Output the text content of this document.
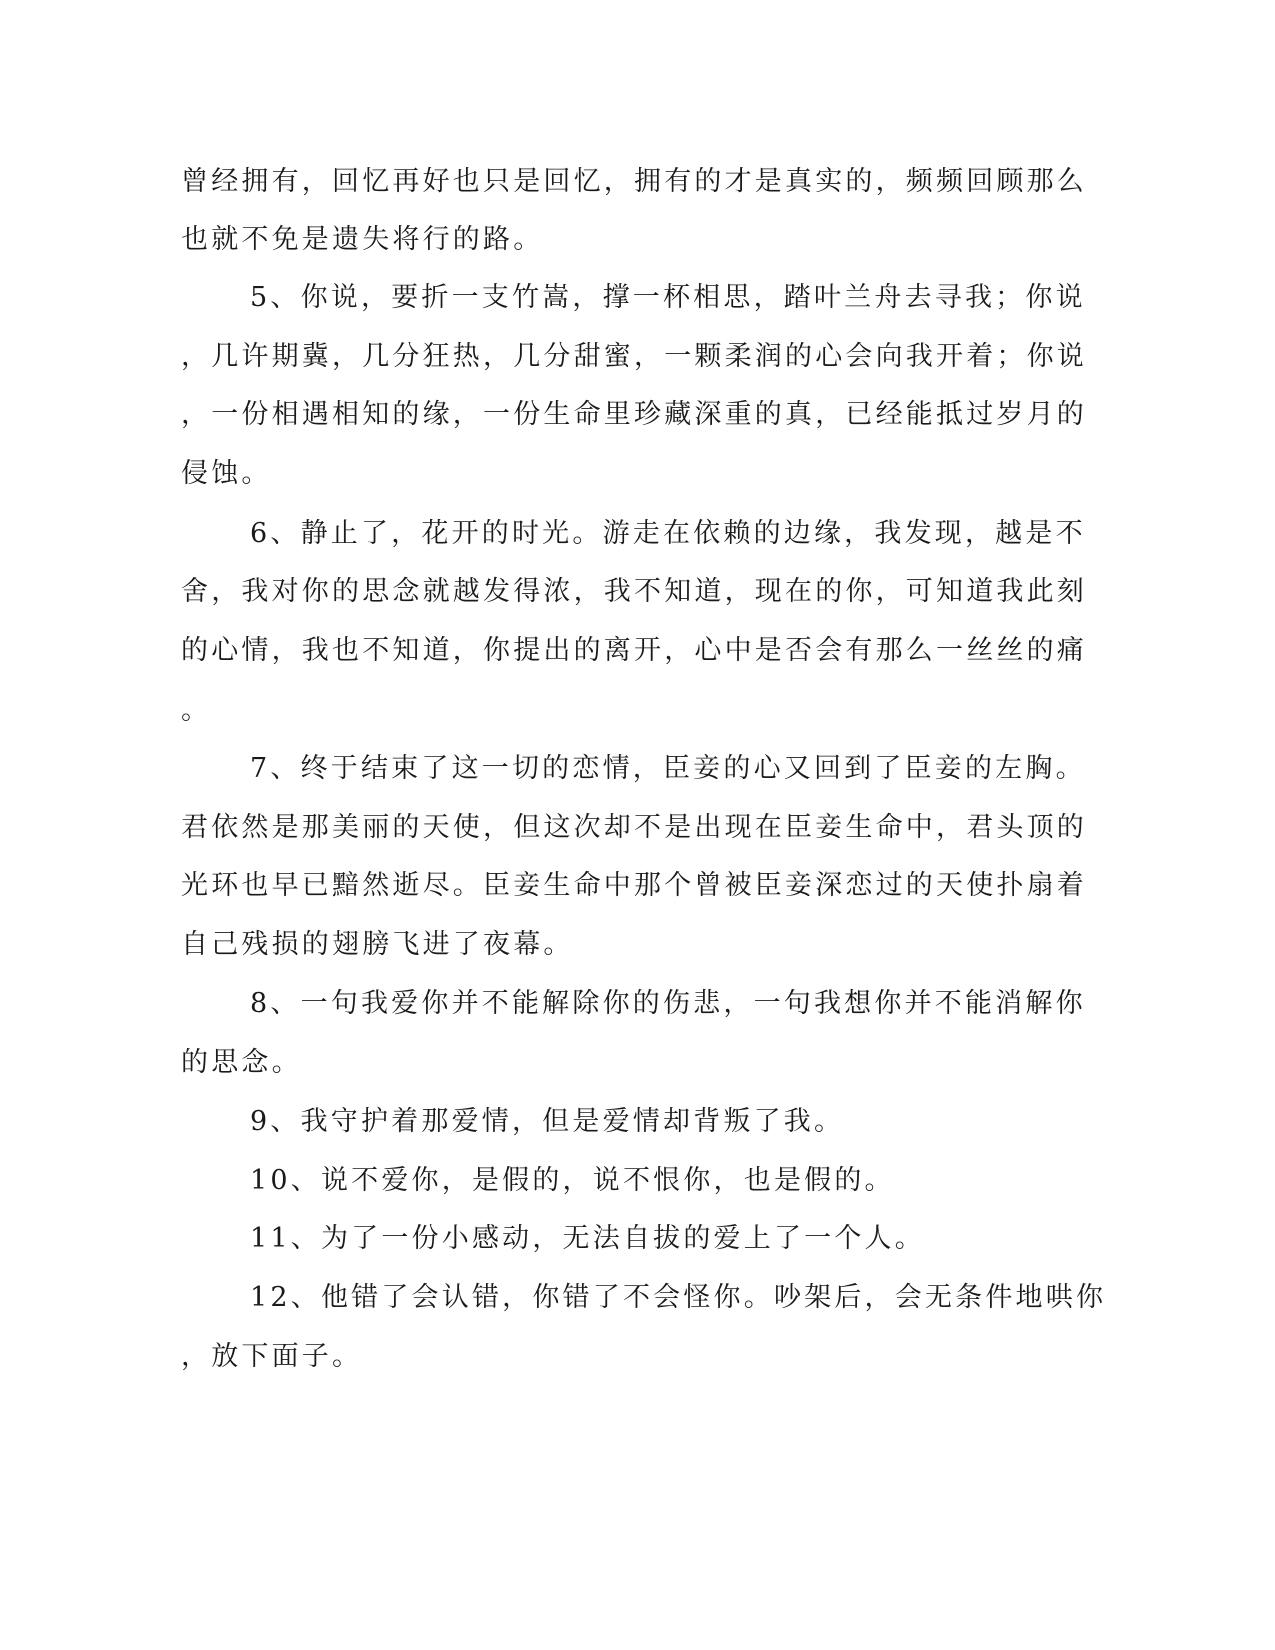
曾经拥有，回忆再好也只是回忆，拥有的才是真实的，频频回顾那么
也就不免是遗失将行的路。
5、你说，要折一支竹嵩，撑一杯相思，踏叶兰舟去寻我；你说
，几许期冀，几分狂热，几分甜蜜，一颗柔润的心会向我开着；你说
，一份相遇相知的缘，一份生命里珍藏深重的真，已经能抵过岁月的
侵蚀。
6、静止了，花开的时光。游走在依赖的边缘，我发现，越是不
舍，我对你的思念就越发得浓，我不知道，现在的你，可知道我此刻
的心情，我也不知道，你提出的离开，心中是否会有那么一丝丝的痛
。
7、终于结束了这一切的恋情，臣妾的心又回到了臣妾的左胸。
君依然是那美丽的天使，但这次却不是出现在臣妾生命中，君头顶的
光环也早已黯然逝尽。臣妾生命中那个曾被臣妾深恋过的天使扑扇着
自己残损的翅膀飞进了夜幕。
8、一句我爱你并不能解除你的伤悲，一句我想你并不能消解你
的思念。
9、我守护着那爱情，但是爱情却背叛了我。
10、说不爱你，是假的，说不恨你，也是假的。
11、为了一份小感动，无法自拔的爱上了一个人。
12、他错了会认错，你错了不会怪你。吵架后，会无条件地哄你
，放下面子。
